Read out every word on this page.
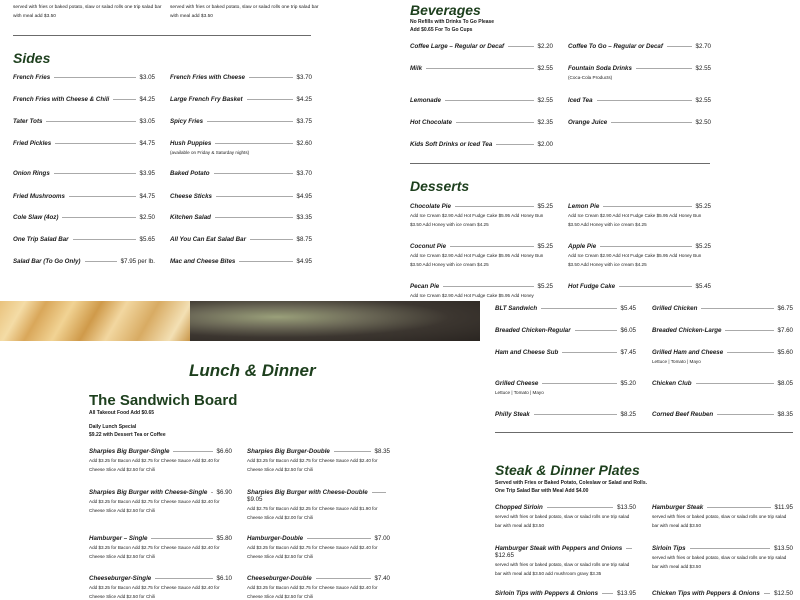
served with fries or baked potato, slaw or salad rolls one trip salad bar with meal add $3.50
served with fries or baked potato, slaw or salad rolls one trip salad bar with meal add $3.50
Sides
Beverages
No Refills with Drinks To Go Please
Add $0.65 For To Go Cups
Desserts
Lunch & Dinner
The Sandwich Board
All Takeout Food Add $0.65
Daily Lunch Special
$9.22 with Dessert Tea or Coffee
Steak & Dinner Plates
Served with Fries or Baked Potato, Coleslaw or Salad and Rolls.
One Trip Salad Bar with Meal Add $4.00
French Fries	$3.05
French Fries with Cheese & Chili	$4.25
Tater Tots	$3.05
Fried Pickles	$4.75
Onion Rings	$3.95
Fried Mushrooms	$4.75
Cole Slaw (4oz)	$2.50
One Trip Salad Bar	$5.65
Salad Bar (To Go Only)	$7.95 per lb.
French Fries with Cheese	$3.70
Large French Fry Basket	$4.25
Spicy Fries	$3.75
Hush Puppies	$2.60
(available on Friday & Saturday nights)
Baked Potato	$3.70
Cheese Sticks	$4.95
Kitchen Salad	$3.35
All You Can Eat Salad Bar	$8.75
Mac and Cheese Bites	$4.95
Coffee Large – Regular or Decaf	$2.20
Milk	$2.55
Lemonade	$2.55
Hot Chocolate	$2.35
Kids Soft Drinks or Iced Tea	$2.00
Coffee To Go – Regular or Decaf	$2.70
Fountain Soda Drinks	$2.55
(Coca-Cola Products)
Iced Tea	$2.55
Orange Juice	$2.50
Chocolate Pie	$5.25
Add Ice Cream $2.90 Add Hot Fudge Cake $5.95 Add Honey Bun $3.50 Add Honey with ice cream $4.25
Coconut Pie	$5.25
Add Ice Cream $2.90 Add Hot Fudge Cake $5.95 Add Honey Bun $3.50 Add Honey with ice cream $4.25
Pecan Pie	$5.25
Add Ice Cream $2.90 Add Hot Fudge Cake $5.95 Add Honey
Lemon Pie	$5.25
Add Ice Cream $2.90 Add Hot Fudge Cake $5.95 Add Honey Bun $3.50 Add Honey with ice cream $4.25
Apple Pie	$5.25
Add Ice Cream $2.90 Add Hot Fudge Cake $5.95 Add Honey Bun $3.50 Add Honey with ice cream $4.25
Hot Fudge Cake	$5.45
BLT Sandwich	$5.45
Breaded Chicken-Regular	$6.05
Ham and Cheese Sub	$7.45
Grilled Cheese	$5.20
Lettuce | Tomato | Mayo
Philly Steak	$8.25
Grilled Chicken	$6.75
Breaded Chicken-Large	$7.60
Grilled Ham and Cheese	$5.60
Lettuce | Tomato | Mayo
Chicken Club	$8.05
Corned Beef Reuben	$8.35
Sharpies Big Burger-Single	$6.60
Add $3.25 for Bacon Add $2.75 for Cheese Sauce Add $2.40 for Cheese Slice Add $2.50 for Chili
Sharpies Big Burger with Cheese-Single $6.90
Add $3.25 for Bacon Add $2.75 for Cheese Sauce Add $2.40 for Cheese Slice Add $2.50 for Chili
Hamburger – Single	$5.80
Add $3.25 for Bacon Add $2.75 for Cheese Sauce Add $2.40 for Cheese Slice Add $2.50 for Chili
Cheeseburger-Single	$6.10
Add $3.25 for Bacon Add $2.75 for Cheese Sauce Add $2.40 for Cheese Slice Add $2.50 for Chili
Sharpies Big Burger-Double	$8.35
Add $3.25 for Bacon Add $2.75 for Cheese Sauce Add $2.40 for Cheese Slice Add $2.50 for Chili
Sharpies Big Burger with Cheese-Double
$9.05
Add $2.75 for Bacon Add $2.25 for Cheese Sauce Add $1.90 for Cheese Slice Add $2.00 for Chili
Hamburger-Double	$7.00
Add $3.25 for Bacon Add $2.75 for Cheese Sauce Add $2.40 for Cheese Slice Add $2.50 for Chili
Cheeseburger-Double	$7.40
Add $3.25 for Bacon Add $2.75 for Cheese Sauce Add $2.40 for Cheese Slice Add $2.50 for Chili
Chopped Sirloin	$13.50
served with fries or baked potato, slaw or salad rolls one trip salad bar with meal add $3.50
Hamburger Steak with Peppers and Onions
$12.65
served with fries or baked potato, slaw or salad rolls one trip salad bar with meal add $3.50 add mushroom gravy $3.35
Sirloin Tips with Peppers & Onions	$13.95
Hamburger Steak	$11.95
served with fries or baked potato, slaw or salad rolls one trip salad bar with meal add $3.50
Sirloin Tips	$13.50
served with fries or baked potato, slaw or salad rolls one trip salad bar with meal add $3.50
Chicken Tips with Peppers & Onions $12.50
